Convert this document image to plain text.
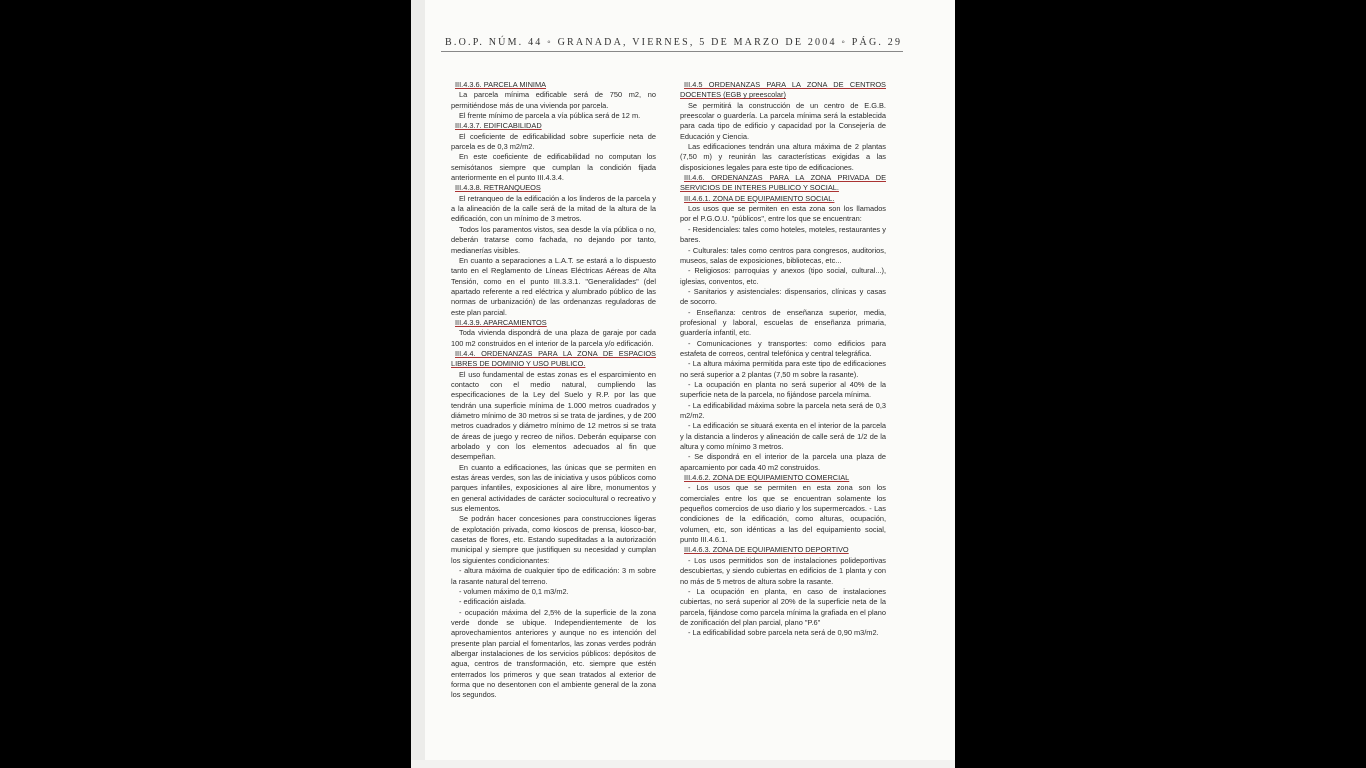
B.O.P. NÚM. 44 ◦ GRANADA, VIERNES, 5 DE MARZO DE 2004 ◦ PÁG. 29

III.4.3.6. PARCELA MINIMA

La parcela mínima edificable será de 750 m2, no permitiéndose más de una vivienda por parcela.

El frente mínimo de parcela a vía pública será de 12 m.

III.4.3.7. EDIFICABILIDAD

El coeficiente de edificabilidad sobre superficie neta de parcela es de 0,3 m2/m2.

En este coeficiente de edificabilidad no computan los semisótanos siempre que cumplan la condición fijada anteriormente en el punto III.4.3.4.

III.4.3.8. RETRANQUEOS

El retranqueo de la edificación a los linderos de la parcela y a la alineación de la calle será de la mitad de la altura de la edificación, con un mínimo de 3 metros.

Todos los paramentos vistos, sea desde la vía pública o no, deberán tratarse como fachada, no dejando por tanto, medianerías visibles.

En cuanto a separaciones a L.A.T. se estará a lo dispuesto tanto en el Reglamento de Líneas Eléctricas Aéreas de Alta Tensión, como en el punto III.3.3.1. "Generalidades" (del apartado referente a red eléctrica y alumbrado público de las normas de urbanización) de las ordenanzas reguladoras de este plan parcial.

III.4.3.9. APARCAMIENTOS

Toda vivienda dispondrá de una plaza de garaje por cada 100 m2 construidos en el interior de la parcela y/o edificación.

III.4.4. ORDENANZAS PARA LA ZONA DE ESPACIOS LIBRES DE DOMINIO Y USO PUBLICO.

El uso fundamental de estas zonas es el esparcimiento en contacto con el medio natural, cumpliendo las especificaciones de la Ley del Suelo y R.P. por las que tendrán una superficie mínima de 1.000 metros cuadrados y diámetro mínimo de 30 metros si se trata de jardines, y de 200 metros cuadrados y diámetro mínimo de 12 metros si se trata de áreas de juego y recreo de niños. Deberán equiparse con arbolado y con los elementos adecuados al fin que desempeñan.

En cuanto a edificaciones, las únicas que se permiten en estas áreas verdes, son las de iniciativa y usos públicos como parques infantiles, exposiciones al aire libre, monumentos y en general actividades de carácter sociocultural o recreativo y sus elementos.

Se podrán hacer concesiones para construcciones ligeras de explotación privada, como kioscos de prensa, kiosco-bar, casetas de flores, etc. Estando supeditadas a la autorización municipal y siempre que justifiquen su necesidad y cumplan los siguientes condicionantes:

- altura máxima de cualquier tipo de edificación: 3 m sobre la rasante natural del terreno.

- volumen máximo de 0,1 m3/m2.

- edificación aislada.

- ocupación máxima del 2,5% de la superficie de la zona verde donde se ubique. Independientemente de los aprovechamientos anteriores y aunque no es intención del presente plan parcial el fomentarlos, las zonas verdes podrán albergar instalaciones de los servicios públicos: depósitos de agua, centros de transformación, etc. siempre que estén enterrados los primeros y que sean tratados al exterior de forma que no desentonen con el ambiente general de la zona los segundos.

III.4.5 ORDENANZAS PARA LA ZONA DE CENTROS DOCENTES (EGB y preescolar)

Se permitirá la construcción de un centro de E.G.B. preescolar o guardería. La parcela mínima será la establecida para cada tipo de edificio y capacidad por la Consejería de Educación y Ciencia.

Las edificaciones tendrán una altura máxima de 2 plantas (7,50 m) y reunirán las características exigidas a las disposiciones legales para este tipo de edificaciones.

III.4.6. ORDENANZAS PARA LA ZONA PRIVADA DE SERVICIOS DE INTERES PUBLICO Y SOCIAL.

III.4.6.1. ZONA DE EQUIPAMIENTO SOCIAL.

Los usos que se permiten en esta zona son los llamados por el P.G.O.U. "públicos", entre los que se encuentran:

- Residenciales: tales como hoteles, moteles, restaurantes y bares.

- Culturales: tales como centros para congresos, auditorios, museos, salas de exposiciones, bibliotecas, etc...

- Religiosos: parroquias y anexos (tipo social, cultural...), iglesias, conventos, etc.

- Sanitarios y asistenciales: dispensarios, clínicas y casas de socorro.

- Enseñanza: centros de enseñanza superior, media, profesional y laboral, escuelas de enseñanza primaria, guardería infantil, etc.

- Comunicaciones y transportes: como edificios para estafeta de correos, central telefónica y central telegráfica.

- La altura máxima permitida para este tipo de edificaciones no será superior a 2 plantas (7,50 m sobre la rasante).

- La ocupación en planta no será superior al 40% de la superficie neta de la parcela, no fijándose parcela mínima.

- La edificabilidad máxima sobre la parcela neta será de 0,3 m2/m2.

- La edificación se situará exenta en el interior de la parcela y la distancia a linderos y alineación de calle será de 1/2 de la altura y como mínimo 3 metros.

- Se dispondrá en el interior de la parcela una plaza de aparcamiento por cada 40 m2 construidos.

III.4.6.2. ZONA DE EQUIPAMIENTO COMERCIAL

- Los usos que se permiten en esta zona son los comerciales entre los que se encuentran solamente los pequeños comercios de uso diario y los supermercados. - Las condiciones de la edificación, como alturas, ocupación, volumen, etc, son idénticas a las del equipamiento social, punto III.4.6.1.

III.4.6.3. ZONA DE EQUIPAMIENTO DEPORTIVO

- Los usos permitidos son de instalaciones polideportivas descubiertas, y siendo cubiertas en edificios de 1 planta y con no más de 5 metros de altura sobre la rasante.

- La ocupación en planta, en caso de instalaciones cubiertas, no será superior al 20% de la superficie neta de la parcela, fijándose como parcela mínima la grafiada en el plano de zonificación del plan parcial, plano "P.6"

- La edificabilidad sobre parcela neta será de 0,90 m3/m2.
